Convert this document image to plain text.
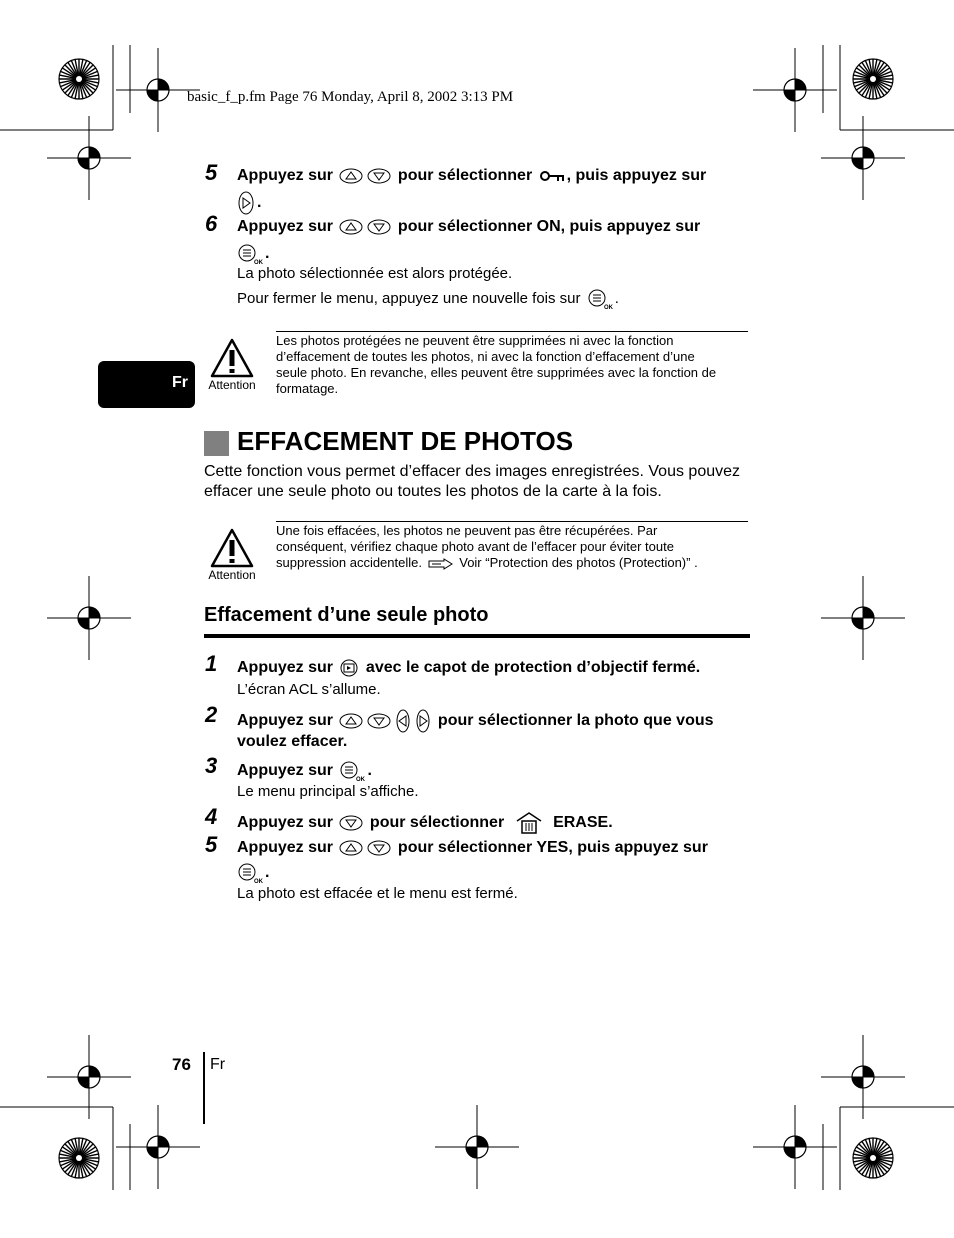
basic_f_p.fm Page 76 Monday, April 8, 2002 3:13 PM
Fr
5 Appuyez sur	pour sélectionner , puis appuyez sur
.
6 Appuyez sur	pour sélectionner ON, puis appuyez sur
OK
.
La photo sélectionnée est alors protégée.
Pour fermer le menu, appuyez une nouvelle fois sur
OK
.
Attention
Les photos protégées ne peuvent être supprimées ni avec la fonction
d’effacement de toutes les photos, ni avec la fonction d’effacement d’une
seule photo. En revanche, elles peuvent être supprimées avec la fonction de
formatage.
EFFACEMENT DE PHOTOS
Cette fonction vous permet d’effacer des images enregistrées. Vous pouvez
effacer une seule photo ou toutes les photos de la carte à la fois.
Attention
Une fois effacées, les photos ne peuvent pas être récupérées. Par
conséquent, vérifiez chaque photo avant de l’effacer pour éviter toute
suppression accidentelle.	Voir “Protection des photos (Protection)” .
Effacement d’une seule photo
1 Appuyez sur avec le capot de protection d’objectif fermé.
L’écran ACL s’allume.
2 Appuyez sur	pour sélectionner la photo que vous
voulez effacer.
3 Appuyez sur
OK
.
Le menu principal s’affiche.
4 Appuyez sur pour sélectionner	ERASE.
5 Appuyez sur	pour sélectionner YES, puis appuyez sur
OK
.
La photo est effacée et le menu est fermé.
76 Fr
